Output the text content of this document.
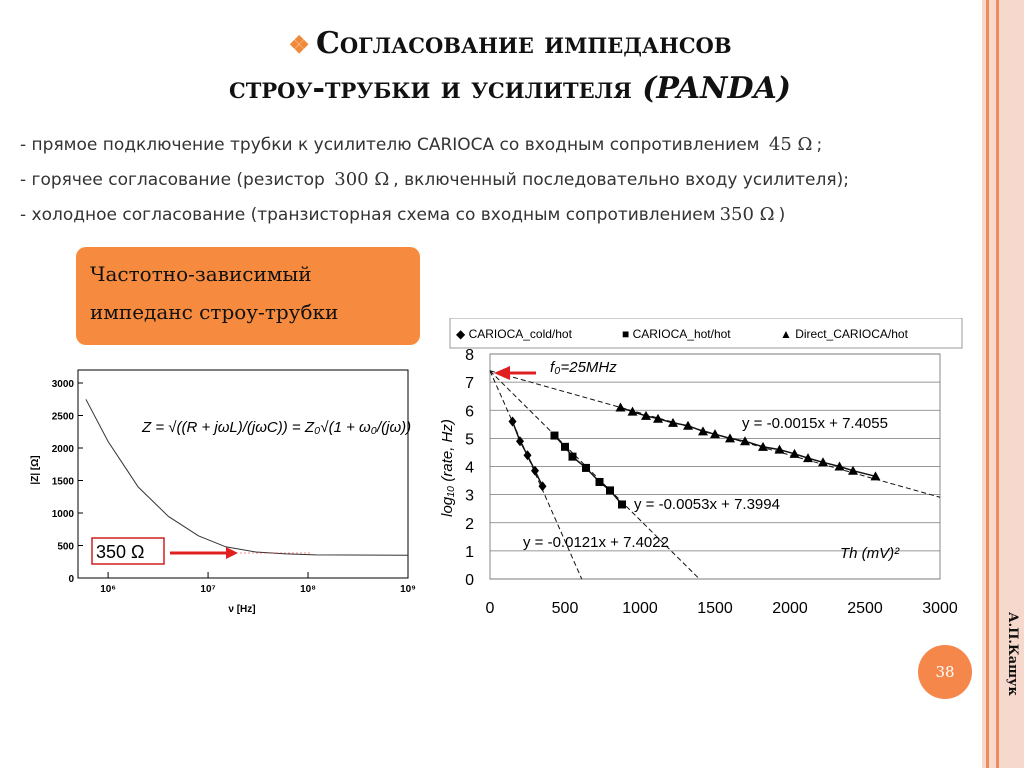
А.П.Кашук
❖ Согласование импедансов
строу-трубки и усилителя (PANDA)
- прямое подключение трубки к усилителю CARIOCA со входным сопротивлением 45 Ω ;
- горячее согласование (резистор 300 Ω , включенный последовательно входу усилителя);
- холодное согласование (транзисторная схема со входным сопротивлением 350 Ω )
Частотно-зависимый
импеданс строу-трубки
0
500
1000
1500
2000
2500
3000
10⁶	10⁷	10⁸	10⁹
|Z| [Ω]
ν [Hz]
Z = √((R + jωL)/(jωC)) = Z₀√(1 + ω₀/(jω))
350 Ω
◆ CARIOCA_cold/hot	■ CARIOCA_hot/hot	▲ Direct_CARIOCA/hot
0
1
2
3
4
5
6
7
8
0	500	1000 1500 2000 2500 3000
log₁₀ (rate, Hz)
Th (mV)²
f₀=25MHz
y = -0.0015x + 7.4055
y = -0.0053x + 7.3994
y = -0.0121x + 7.4022
38
